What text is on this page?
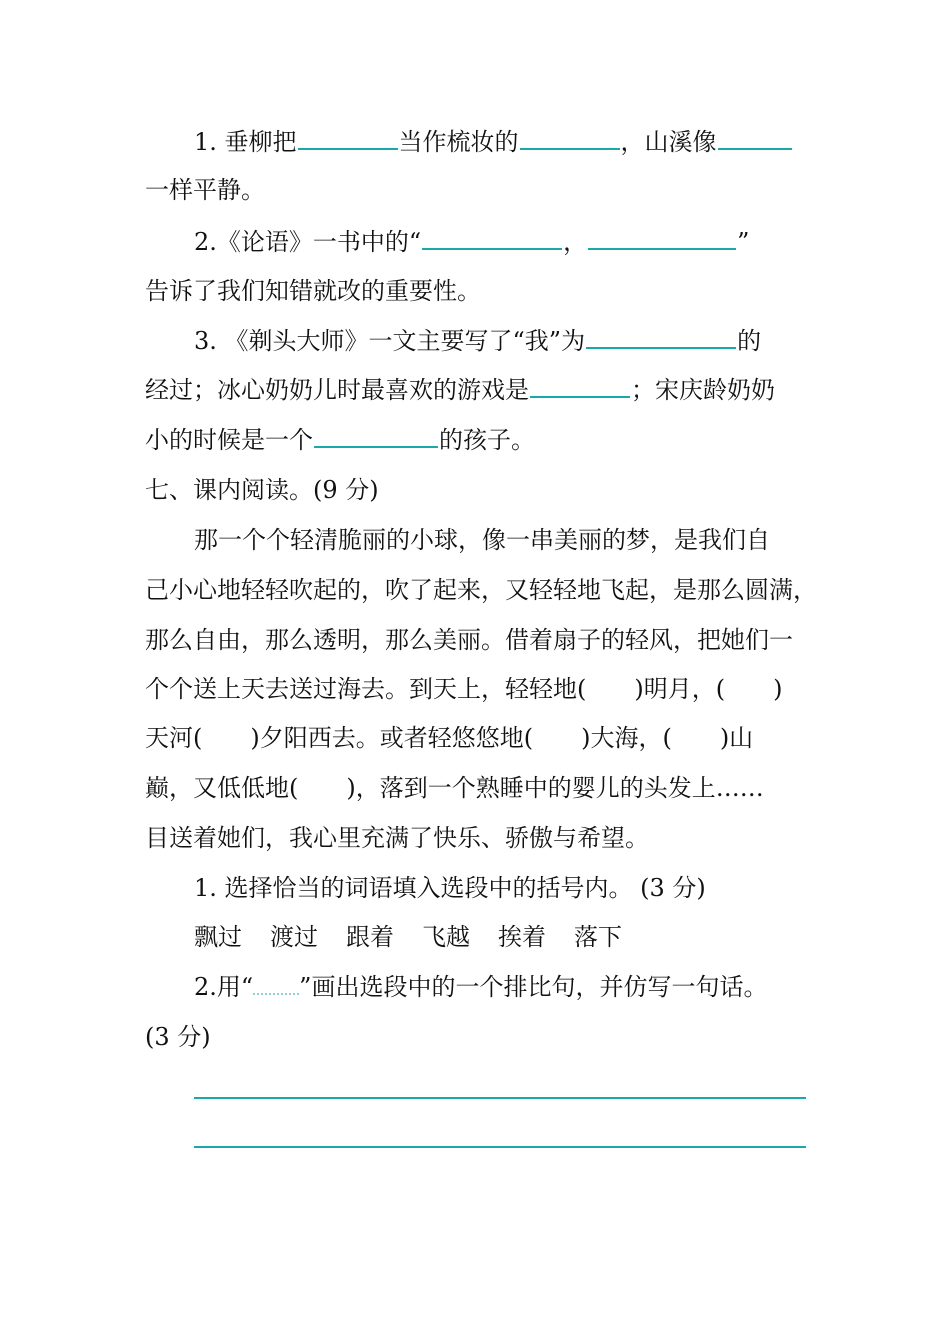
1. 垂柳把	当作梳妆的	，山溪像
一样平静。
2.《论语》一书中的“	，	”
告诉了我们知错就改的重要性。
3. 《剃头大师》一文主要写了“我”为	的
经过；冰心奶奶儿时最喜欢的游戏是	；宋庆龄奶奶
小的时候是一个	的孩子。
七、课内阅读。(9 分)
那一个个轻清脆丽的小球，像一串美丽的梦，是我们自
己小心地轻轻吹起的，吹了起来，又轻轻地飞起，是那么圆满，
那么自由，那么透明，那么美丽。借着扇子的轻风，把她们一
个个送上天去送过海去。到天上，轻轻地(　　)明月，(　　)
天河(　　)夕阳西去。或者轻悠悠地(　　)大海，(　　)山
巅，又低低地(　　)，落到一个熟睡中的婴儿的头发上……
目送着她们，我心里充满了快乐、骄傲与希望。
1. 选择恰当的词语填入选段中的括号内。 (3 分)
飘过 渡过 跟着 飞越 挨着 落下
2.用“ ”画出选段中的一个排比句，并仿写一句话。
(3 分)
